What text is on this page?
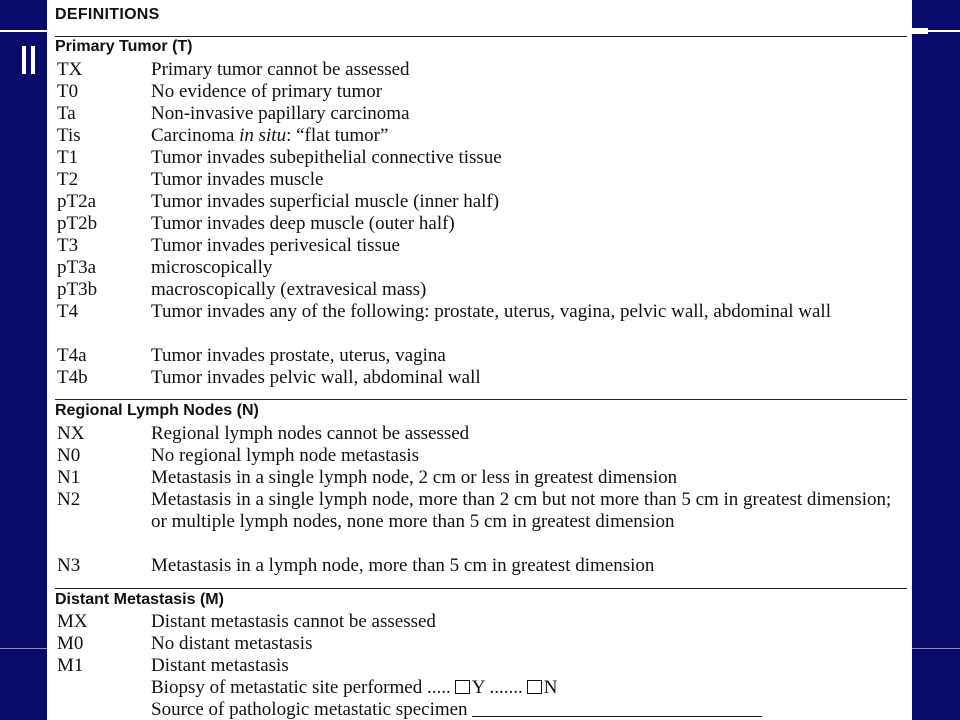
DEFINITIONS
Primary Tumor (T)
TX	Primary tumor cannot be assessed
T0	No evidence of primary tumor
Ta	Non-invasive papillary carcinoma
Tis	Carcinoma in situ: “flat tumor”
T1	Tumor invades subepithelial connective tissue
T2	Tumor invades muscle
pT2a	Tumor invades superficial muscle (inner half)
pT2b	Tumor invades deep muscle (outer half)
T3	Tumor invades perivesical tissue
pT3a	microscopically
pT3b	macroscopically (extravesical mass)
T4	Tumor invades any of the following: prostate, uterus, vagina, pelvic wall, abdominal wall
T4a	Tumor invades prostate, uterus, vagina
T4b	Tumor invades pelvic wall, abdominal wall
Regional Lymph Nodes (N)
NX	Regional lymph nodes cannot be assessed
N0	No regional lymph node metastasis
N1	Metastasis in a single lymph node, 2 cm or less in greatest dimension
N2	Metastasis in a single lymph node, more than 2 cm but not more than 5 cm in greatest dimension; or multiple lymph nodes, none more than 5 cm in greatest dimension
N3	Metastasis in a lymph node, more than 5 cm in greatest dimension
Distant Metastasis (M)
MX	Distant metastasis cannot be assessed
M0	No distant metastasis
M1	Distant metastasis
Biopsy of metastatic site performed ..... Y ....... N
Source of pathologic metastatic specimen
